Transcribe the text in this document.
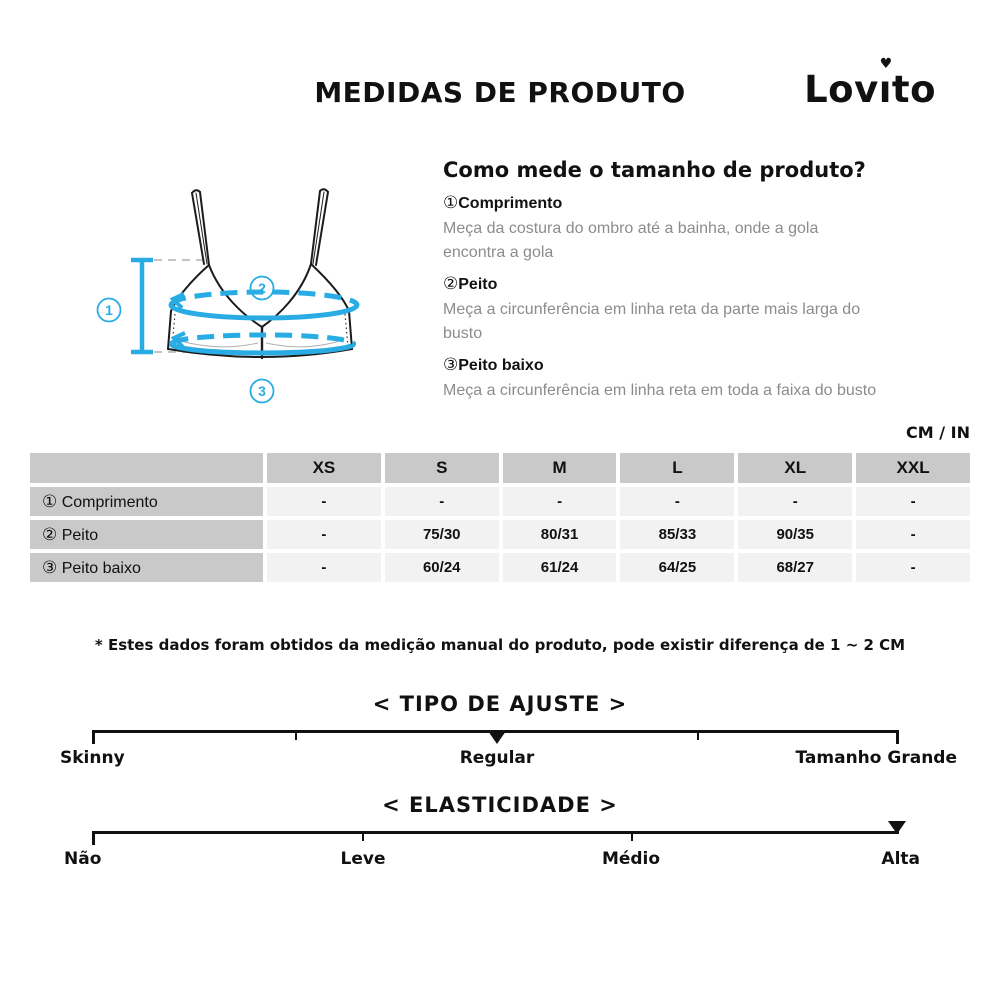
MEDIDAS DE PRODUTO	Lovı
♥
to
1
2
3
Como mede o tamanho de produto?
①Comprimento
Meça da costura do ombro até a bainha, onde a gola
encontra a gola
②Peito
Meça a circunferência em linha reta da parte mais larga do
busto
③Peito baixo
Meça a circunferência em linha reta em toda a faixa do busto
CM / IN
	XS	S	M	L	XL	XXL
① Comprimento	-	-	-	-	-	-
② Peito	-	75/30	80/31	85/33	90/35	-
③ Peito baixo	-	60/24	61/24	64/25	68/27	-
* Estes dados foram obtidos da medição manual do produto, pode existir diferença de 1 ~ 2 CM
< TIPO DE AJUSTE >
Skinny	Regular	Tamanho Grande
< ELASTICIDADE >
Não	Leve	Médio	Alta
